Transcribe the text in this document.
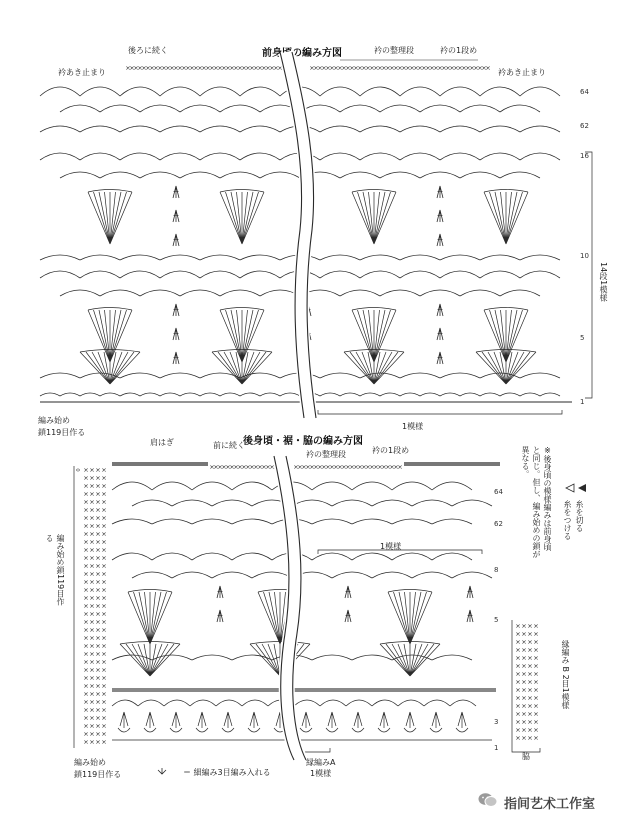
前身頃の編み方図
後ろに続く	衿の整理段	衿の1段め
衿あき止まり	衿あき止まり
編み始め
鎖119目作る
1模様
64
62
16
10
5
1
14段1模様
後身頃・裾・脇の編み方図
肩はぎ	前に続く
衿の整理段	衿の1段め	※後身頃の模様編みは前身頃と同じ。但し、編み始めの鎖が異なる。
編み始め鎖119目作る
編み始め
鎖119目作る
1模様
64
62
8
5
3
1
糸を切る
糸をつける
縁編み B 2目1模様
脇
縁編みA
1模様
＝ 細編み3目編み入れる
指间艺术工作室
